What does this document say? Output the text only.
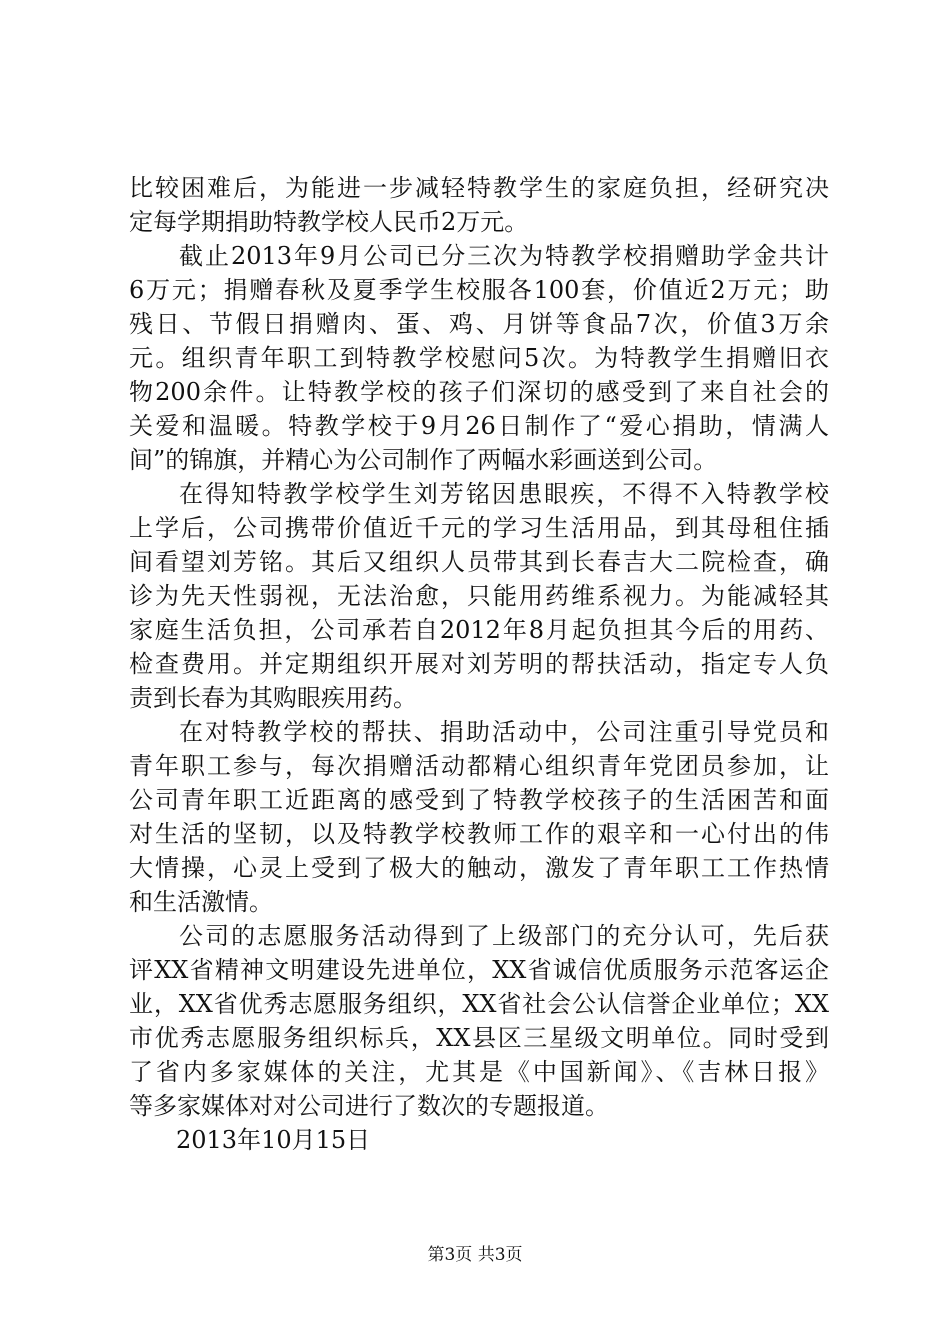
比较困难后，为能进一步减轻特教学生的家庭负担，经研究决
定每学期捐助特教学校人民币2万元。
截止2013年9月公司已分三次为特教学校捐赠助学金共计
6万元；捐赠春秋及夏季学生校服各100套，价值近2万元；助
残日、节假日捐赠肉、蛋、鸡、月饼等食品7次，价值3万余
元。组织青年职工到特教学校慰问5次。为特教学生捐赠旧衣
物200余件。让特教学校的孩子们深切的感受到了来自社会的
关爱和温暖。特教学校于9月26日制作了“爱心捐助，情满人
间”的锦旗，并精心为公司制作了两幅水彩画送到公司。
在得知特教学校学生刘芳铭因患眼疾，不得不入特教学校
上学后，公司携带价值近千元的学习生活用品，到其母租住插
间看望刘芳铭。其后又组织人员带其到长春吉大二院检查，确
诊为先天性弱视，无法治愈，只能用药维系视力。为能减轻其
家庭生活负担，公司承若自2012年8月起负担其今后的用药、
检查费用。并定期组织开展对刘芳明的帮扶活动，指定专人负
责到长春为其购眼疾用药。
在对特教学校的帮扶、捐助活动中，公司注重引导党员和
青年职工参与，每次捐赠活动都精心组织青年党团员参加，让
公司青年职工近距离的感受到了特教学校孩子的生活困苦和面
对生活的坚韧，以及特教学校教师工作的艰辛和一心付出的伟
大情操，心灵上受到了极大的触动，激发了青年职工工作热情
和生活激情。
公司的志愿服务活动得到了上级部门的充分认可，先后获
评XX省精神文明建设先进单位，XX省诚信优质服务示范客运企
业，XX省优秀志愿服务组织，XX省社会公认信誉企业单位；XX
市优秀志愿服务组织标兵，XX县区三星级文明单位。同时受到
了省内多家媒体的关注，尤其是《中国新闻》、《吉林日报》
等多家媒体对对公司进行了数次的专题报道。
2013年10月15日
第3页 共3页
